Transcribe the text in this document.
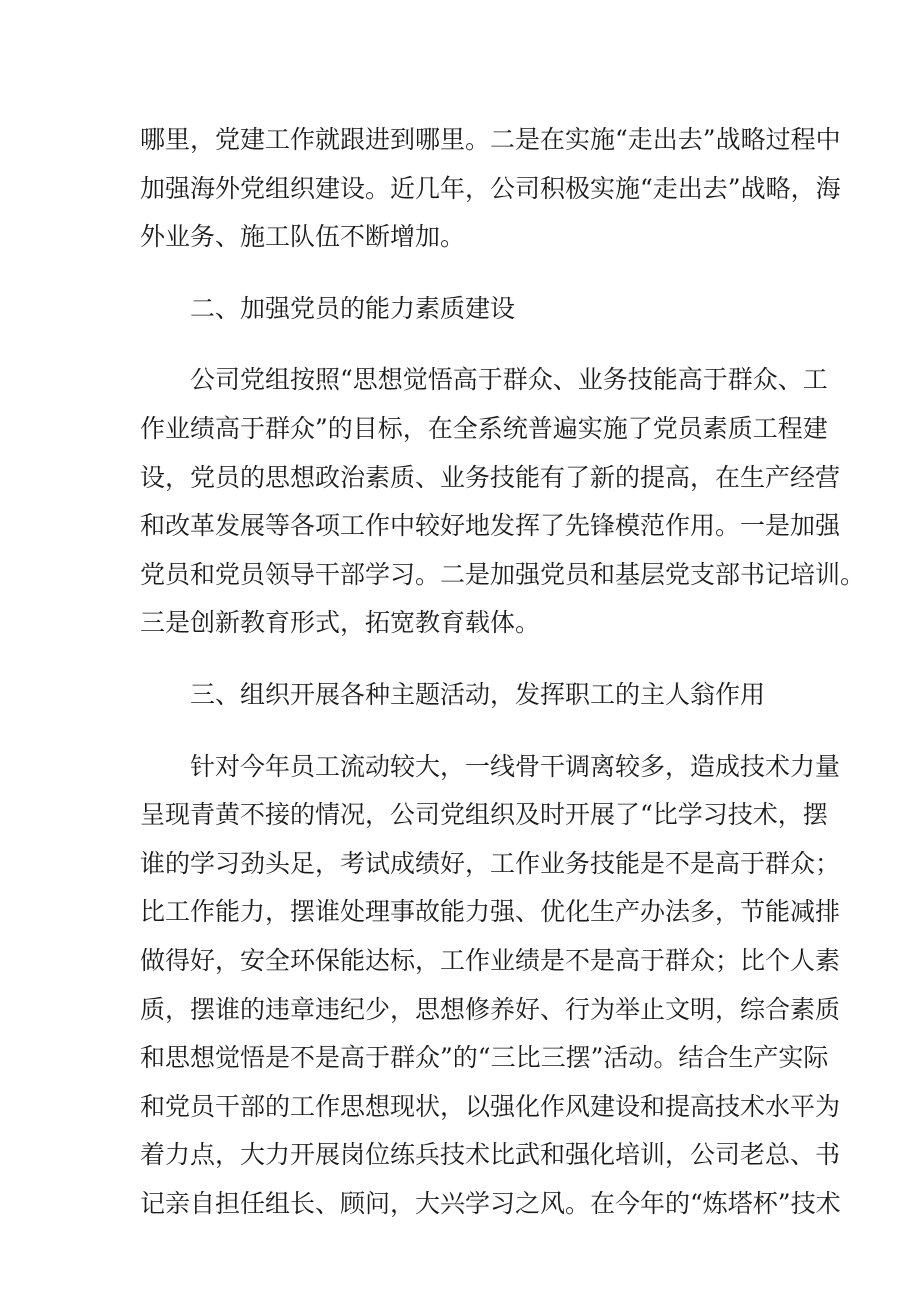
哪里，党建工作就跟进到哪里。二是在实施“走出去”战略过程中
加强海外党组织建设。近几年，公司积极实施“走出去”战略，海
外业务、施工队伍不断增加。
二、加强党员的能力素质建设
公司党组按照“思想觉悟高于群众、业务技能高于群众、工
作业绩高于群众”的目标，在全系统普遍实施了党员素质工程建
设，党员的思想政治素质、业务技能有了新的提高，在生产经营
和改革发展等各项工作中较好地发挥了先锋模范作用。一是加强
党员和党员领导干部学习。二是加强党员和基层党支部书记培训。
三是创新教育形式，拓宽教育载体。
三、组织开展各种主题活动，发挥职工的主人翁作用
针对今年员工流动较大，一线骨干调离较多，造成技术力量
呈现青黄不接的情况，公司党组织及时开展了“比学习技术，摆
谁的学习劲头足，考试成绩好，工作业务技能是不是高于群众；
比工作能力，摆谁处理事故能力强、优化生产办法多，节能减排
做得好，安全环保能达标，工作业绩是不是高于群众；比个人素
质，摆谁的违章违纪少，思想修养好、行为举止文明，综合素质
和思想觉悟是不是高于群众”的“三比三摆”活动。结合生产实际
和党员干部的工作思想现状，以强化作风建设和提高技术水平为
着力点，大力开展岗位练兵技术比武和强化培训，公司老总、书
记亲自担任组长、顾问，大兴学习之风。在今年的“炼塔杯”技术
